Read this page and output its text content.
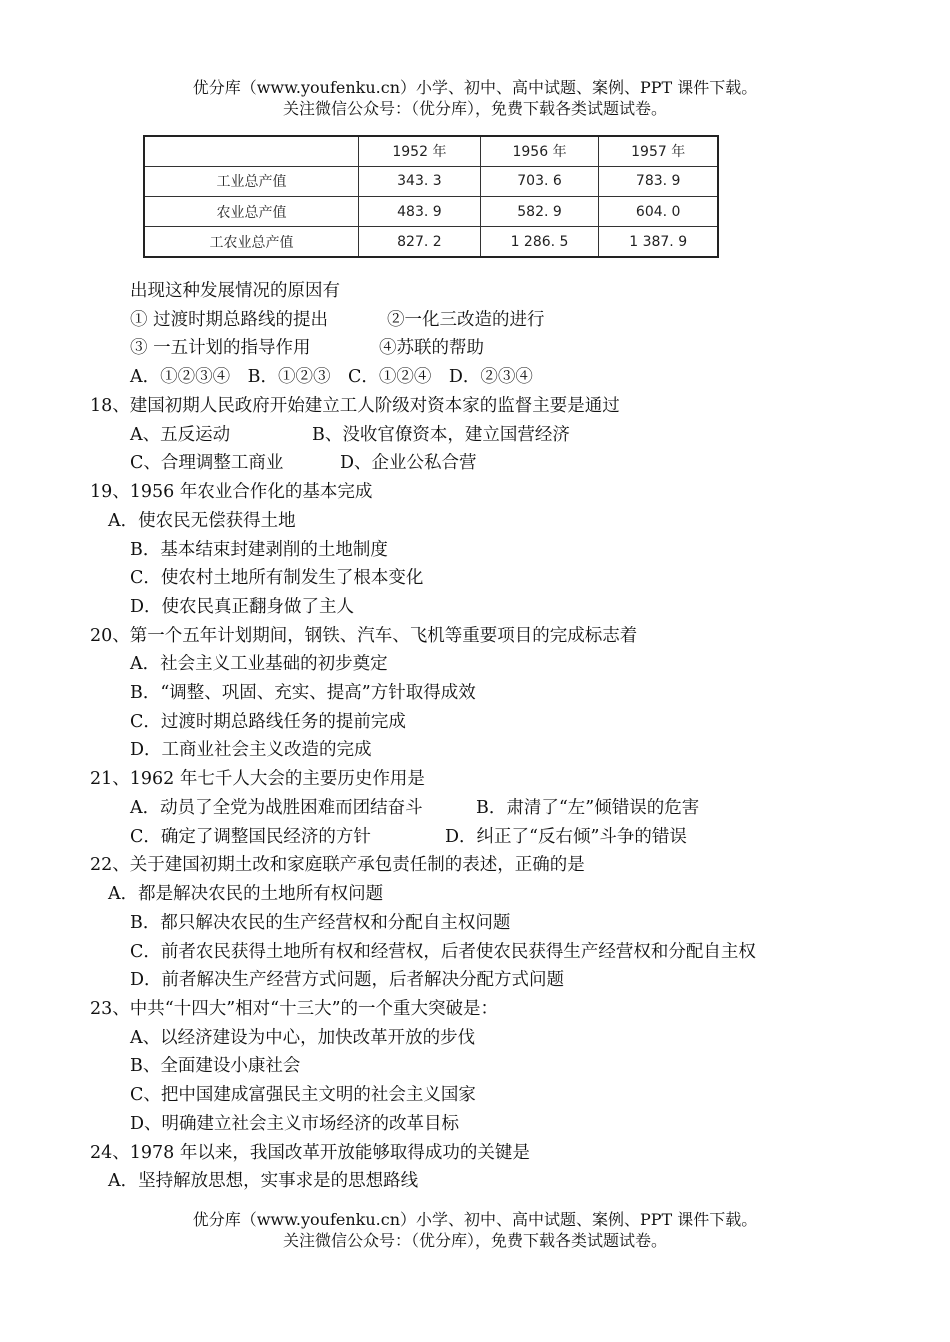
优分库（www.youfenku.cn）小学、初中、高中试题、案例、PPT 课件下载。
关注微信公众号：（优分库），免费下载各类试题试卷。
	1952 年	1956 年	1957 年
工业总产值	343. 3	703. 6	783. 9
农业总产值	483. 9	582. 9	604. 0
工农业总产值	827. 2	1 286. 5	1 387. 9
出现这种发展情况的原因有
① 过渡时期总路线的提出	②一化三改造的进行
③ 一五计划的指导作用	④苏联的帮助
A．①②③④　B．①②③　C．①②④　D．②③④
18、建国初期人民政府开始建立工人阶级对资本家的监督主要是通过
A、五反运动	B、没收官僚资本，建立国营经济
C、合理调整工商业	D、企业公私合营
19、1956 年农业合作化的基本完成
A．使农民无偿获得土地
B．基本结束封建剥削的土地制度
C．使农村土地所有制发生了根本变化
D．使农民真正翻身做了主人
20、第一个五年计划期间，钢铁、汽车、飞机等重要项目的完成标志着
A．社会主义工业基础的初步奠定
B．“调整、巩固、充实、提高”方针取得成效
C．过渡时期总路线任务的提前完成
D．工商业社会主义改造的完成
21、1962 年七千人大会的主要历史作用是
A．动员了全党为战胜困难而团结奋斗	B．肃清了“左”倾错误的危害
C．确定了调整国民经济的方针	D．纠正了“反右倾”斗争的错误
22、关于建国初期土改和家庭联产承包责任制的表述，正确的是
A．都是解决农民的土地所有权问题
B．都只解决农民的生产经营权和分配自主权问题
C．前者农民获得土地所有权和经营权，后者使农民获得生产经营权和分配自主权
D．前者解决生产经营方式问题，后者解决分配方式问题
23、中共“十四大”相对“十三大”的一个重大突破是：
A、以经济建设为中心，加快改革开放的步伐
B、全面建设小康社会
C、把中国建成富强民主文明的社会主义国家
D、明确建立社会主义市场经济的改革目标
24、1978 年以来，我国改革开放能够取得成功的关键是
A．坚持解放思想，实事求是的思想路线
优分库（www.youfenku.cn）小学、初中、高中试题、案例、PPT 课件下载。
关注微信公众号：（优分库），免费下载各类试题试卷。
